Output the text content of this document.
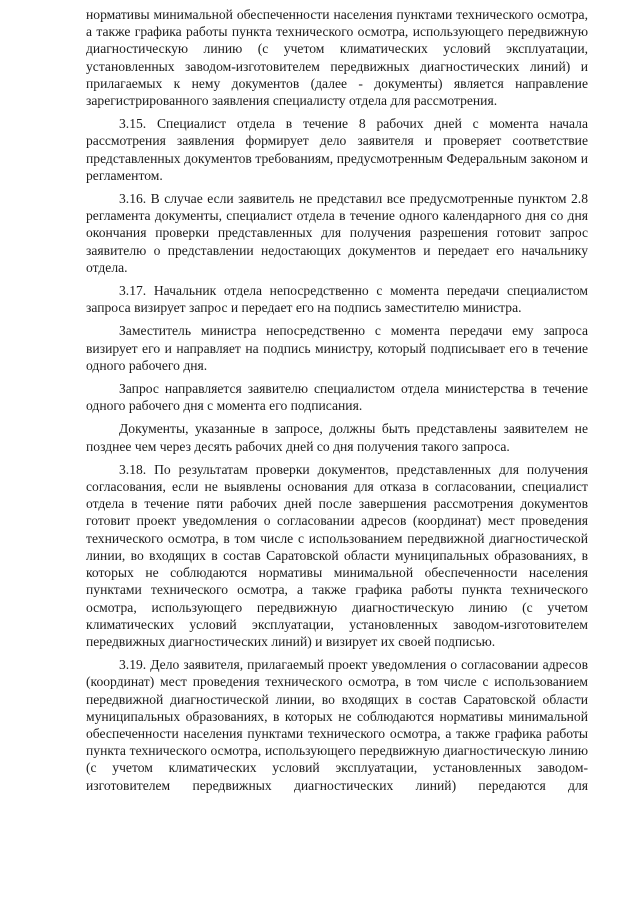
нормативы минимальной обеспеченности населения пунктами технического осмотра, а также графика работы пункта технического осмотра, использующего передвижную диагностическую линию (с учетом климатических условий эксплуатации, установленных заводом-изготовителем передвижных диагностических линий) и прилагаемых к нему документов (далее - документы) является направление зарегистрированного заявления специалисту отдела для рассмотрения.

3.15. Специалист отдела в течение 8 рабочих дней с момента начала рассмотрения заявления формирует дело заявителя и проверяет соответствие представленных документов требованиям, предусмотренным Федеральным законом и регламентом.

3.16. В случае если заявитель не представил все предусмотренные пунктом 2.8 регламента документы, специалист отдела в течение одного календарного дня со дня окончания проверки представленных для получения разрешения готовит запрос заявителю о представлении недостающих документов и передает его начальнику отдела.

3.17. Начальник отдела непосредственно с момента передачи специалистом запроса визирует запрос и передает его на подпись заместителю министра.

Заместитель министра непосредственно с момента передачи ему запроса визирует его и направляет на подпись министру, который подписывает его в течение одного рабочего дня.

Запрос направляется заявителю специалистом отдела министерства в течение одного рабочего дня с момента его подписания.

Документы, указанные в запросе, должны быть представлены заявителем не позднее чем через десять рабочих дней со дня получения такого запроса.

3.18. По результатам проверки документов, представленных для получения согласования, если не выявлены основания для отказа в согласовании, специалист отдела в течение пяти рабочих дней после завершения рассмотрения документов готовит проект уведомления о согласовании адресов (координат) мест проведения технического осмотра, в том числе с использованием передвижной диагностической линии, во входящих в состав Саратовской области муниципальных образованиях, в которых не соблюдаются нормативы минимальной обеспеченности населения пунктами технического осмотра, а также графика работы пункта технического осмотра, использующего передвижную диагностическую линию (с учетом климатических условий эксплуатации, установленных заводом-изготовителем передвижных диагностических линий) и визирует их своей подписью.

3.19. Дело заявителя, прилагаемый проект уведомления о согласовании адресов (координат) мест проведения технического осмотра, в том числе с использованием передвижной диагностической линии, во входящих в состав Саратовской области муниципальных образованиях, в которых не соблюдаются нормативы минимальной обеспеченности населения пунктами технического осмотра, а также графика работы пункта технического осмотра, использующего передвижную диагностическую линию (с учетом климатических условий эксплуатации, установленных заводом-изготовителем передвижных диагностических линий) передаются для
